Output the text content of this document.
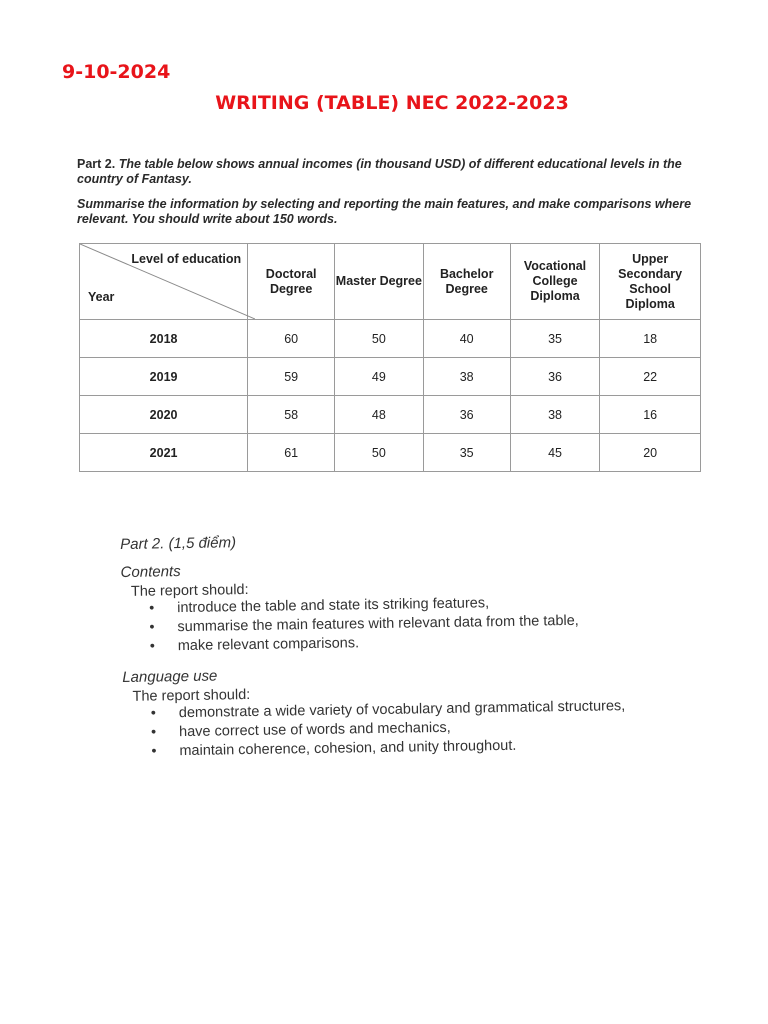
9-10-2024
WRITING (TABLE) NEC 2022-2023

Part 2. The table below shows annual incomes (in thousand USD) of different educational levels in the country of Fantasy.

Summarise the information by selecting and reporting the main features, and make comparisons where relevant. You should write about 150 words.

Level of education
Year	Doctoral Degree	Master Degree	Bachelor Degree	Vocational College Diploma	Upper Secondary School Diploma
2018	60	50	40	35	18
2019	59	49	38	36	22
2020	58	48	36	38	16
2021	61	50	35	45	20
Part 2. (1,5 điểm)
Contents

The report should:

• introduce the table and state its striking features,
• summarise the main features with relevant data from the table,
• make relevant comparisons.
Language use

The report should:

• demonstrate a wide variety of vocabulary and grammatical structures,
• have correct use of words and mechanics,
• maintain coherence, cohesion, and unity throughout.
